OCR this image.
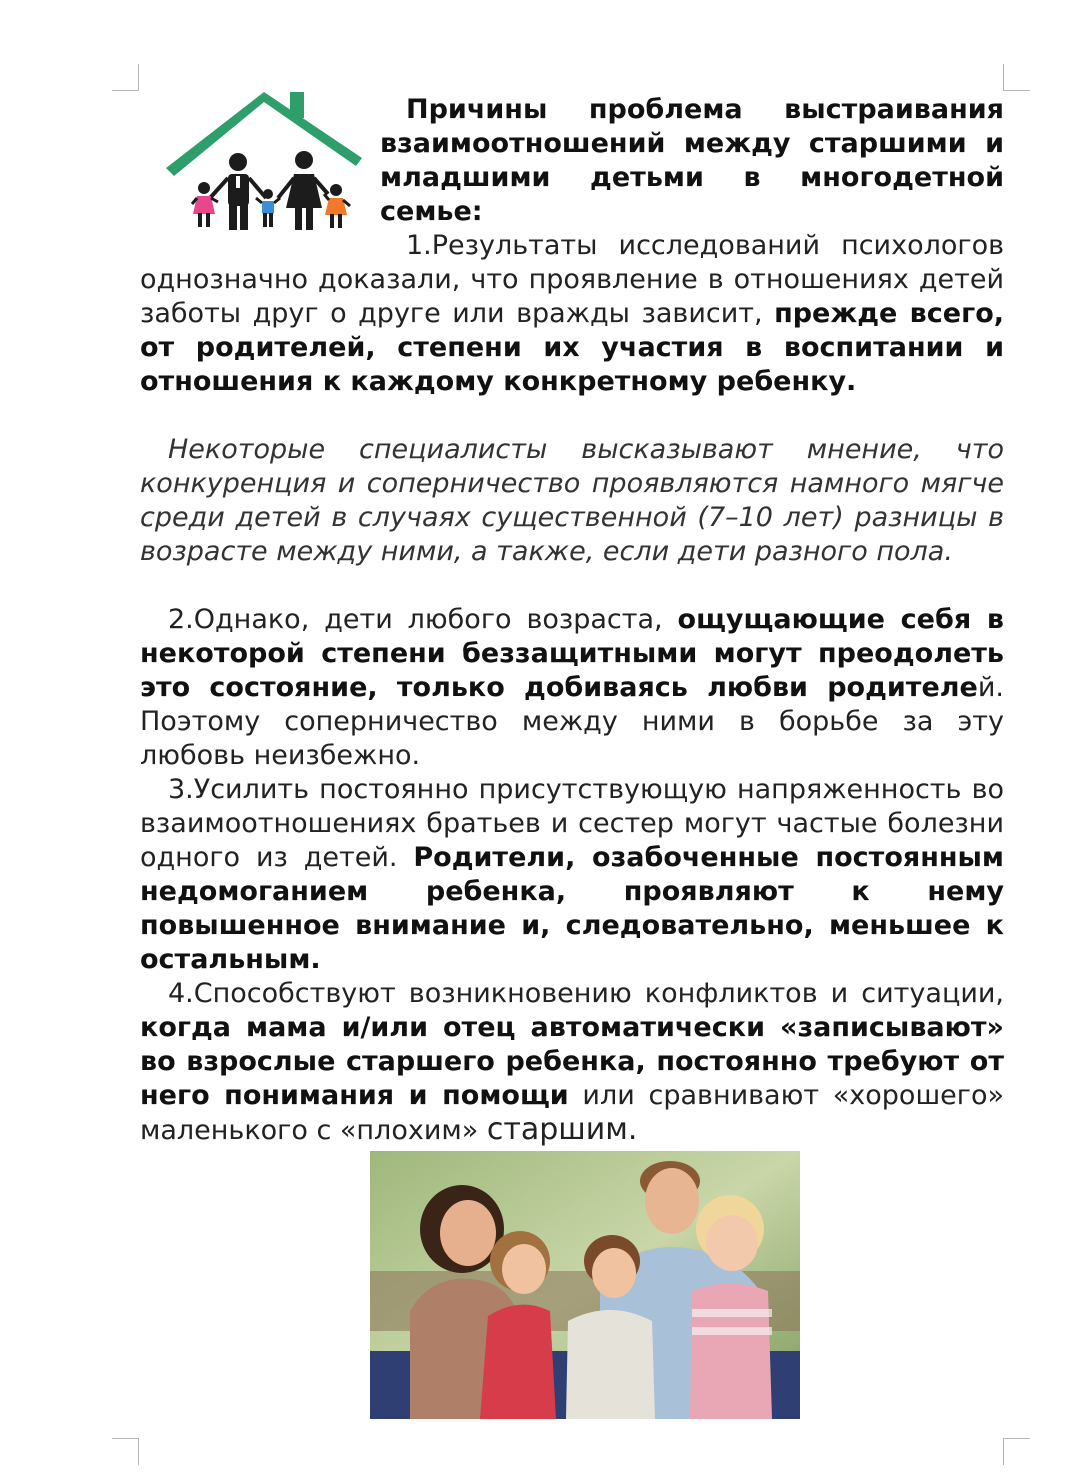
Причины проблема выстраивания взаимоотношений между старшими и младшими детьми в многодетной семье:

1.Результаты исследований психологов однозначно доказали, что проявление в отношениях детей заботы друг о друге или вражды зависит, прежде всего, от родителей, степени их участия в воспитании и отношения к каждому конкретному ребенку.

Некоторые специалисты высказывают мнение, что конкуренция и соперничество проявляются намного мягче среди детей в случаях существенной (7–10 лет) разницы в возрасте между ними, а также, если дети разного пола.

2.Однако, дети любого возраста, ощущающие себя в некоторой степени беззащитными могут преодолеть это состояние, только добиваясь любви родителей. Поэтому соперничество между ними в борьбе за эту любовь неизбежно.

3.Усилить постоянно присутствующую напряженность во взаимоотношениях братьев и сестер могут частые болезни одного из детей. Родители, озабоченные постоянным недомоганием ребенка, проявляют к нему повышенное внимание и, следовательно, меньшее к остальным.

4.Способствуют возникновению конфликтов и ситуации, когда мама и/или отец автоматически «записывают» во взрослые старшего ребенка, постоянно требуют от него понимания и помощи или сравнивают «хорошего» маленького с «плохим» старшим.
